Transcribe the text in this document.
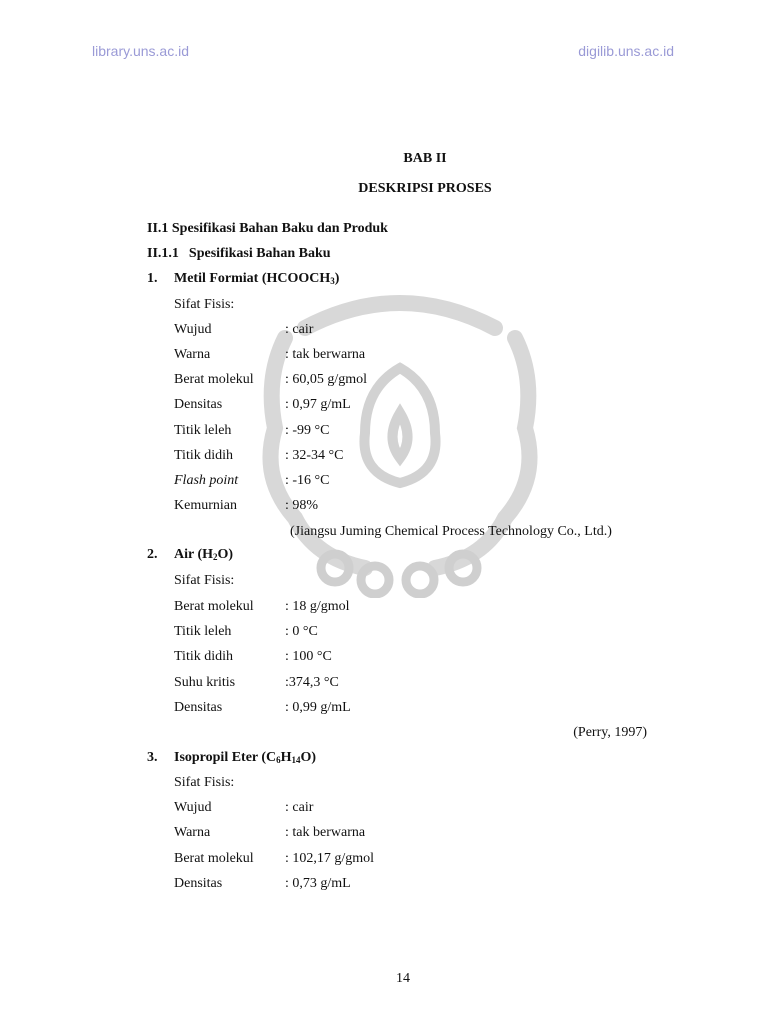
library.uns.ac.id	digilib.uns.ac.id
BAB II
DESKRIPSI PROSES
II.1 Spesifikasi Bahan Baku dan Produk
II.1.1 Spesifikasi Bahan Baku
1. Metil Formiat $(HCOOCH_3)$
Sifat Fisis:
Wujud	: cair
Warna	: tak berwarna
Berat molekul : 60,05 g/gmol
Densitas	: 0,97 g/mL
Titik leleh	: -99 °C
Titik didih	: 32-34 °C
Flash point	: -16 °C
Kemurnian	: 98%
(Jiangsu Juming Chemical Process Technology Co., Ltd.)
2. Air $(H_2O)$
Sifat Fisis:
Berat molekul : 18 g/gmol
Titik leleh	: 0 °C
Titik didih	: 100 °C
Suhu kritis	:374,3 °C
Densitas	: 0,99 g/mL
(Perry, 1997)
3. Isopropil Eter $(C_6H_{14}O)$
Sifat Fisis:
Wujud	: cair
Warna	: tak berwarna
Berat molekul : 102,17 g/gmol
Densitas	: 0,73 g/mL
14
